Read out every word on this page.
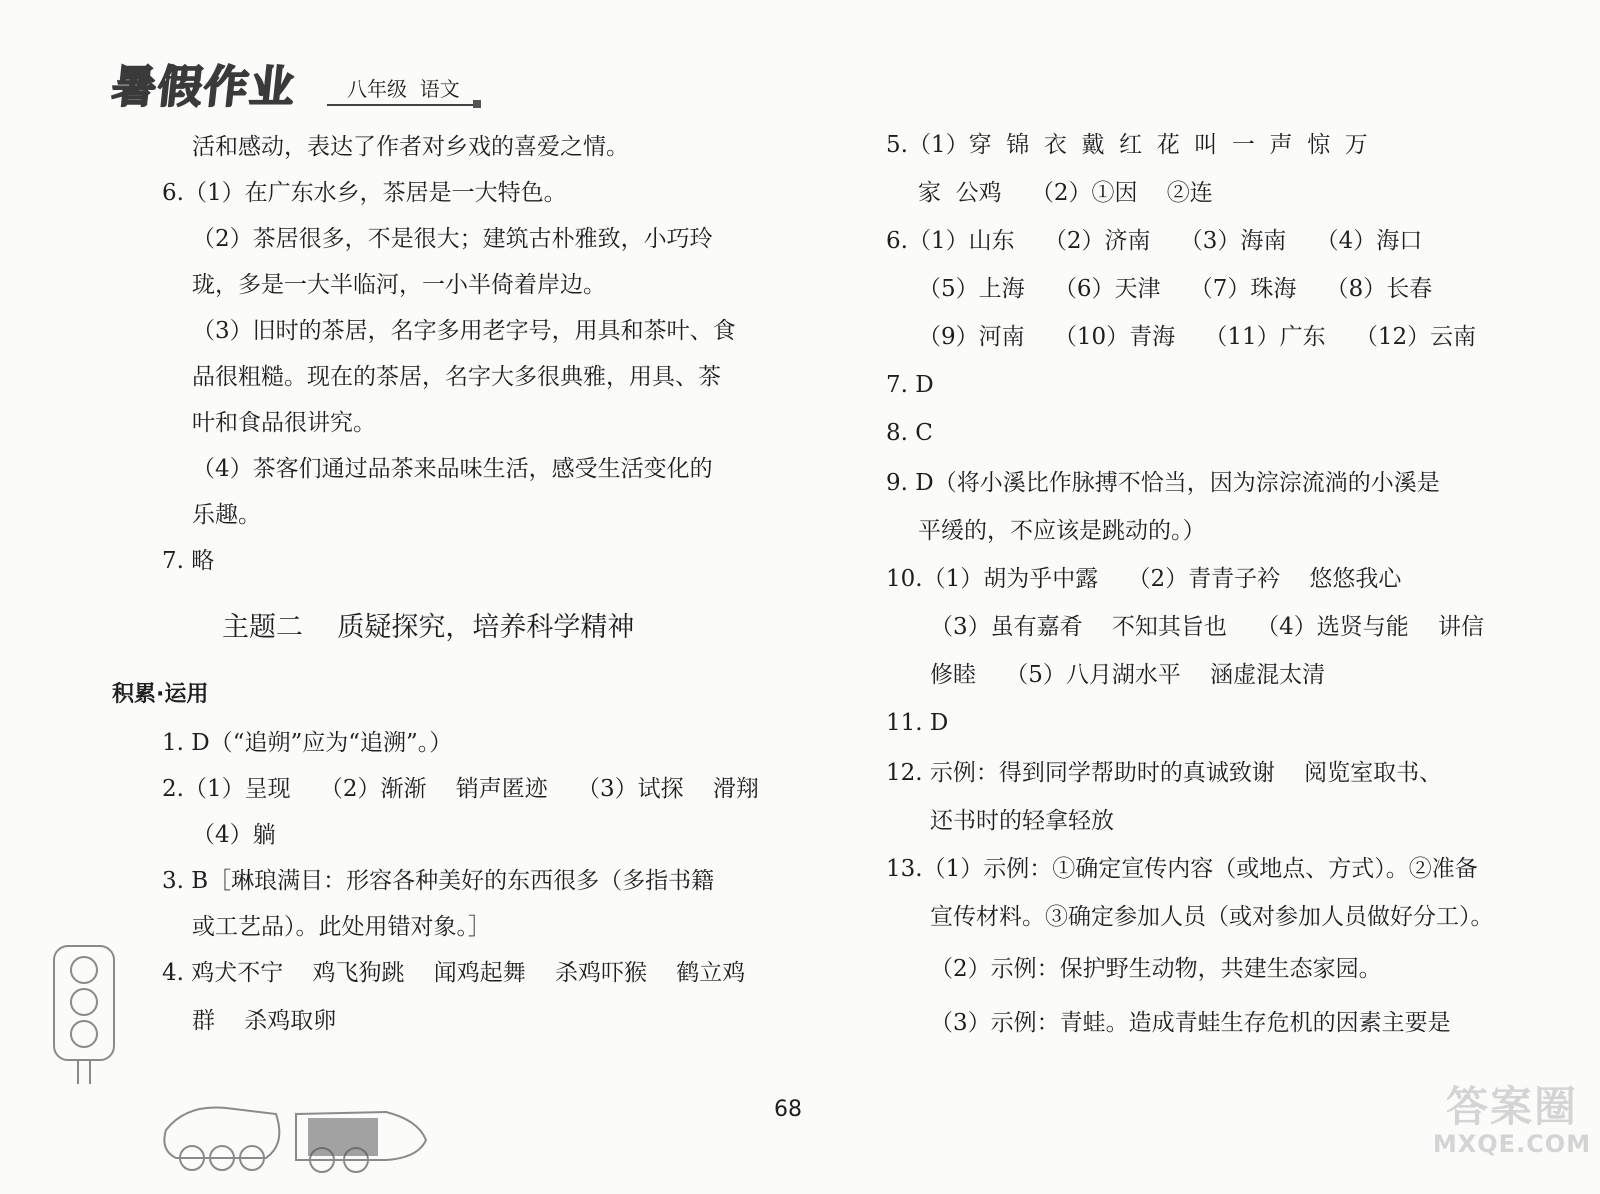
暑假作业	八年级  语文
活和感动，表达了作者对乡戏的喜爱之情。
6.（1）在广东水乡，茶居是一大特色。
（2）茶居很多，不是很大；建筑古朴雅致，小巧玲
珑，多是一大半临河，一小半倚着岸边。
（3）旧时的茶居，名字多用老字号，用具和茶叶、食
品很粗糙。现在的茶居，名字大多很典雅，用具、茶
叶和食品很讲究。
（4）茶客们通过品茶来品味生活，感受生活变化的
乐趣。
7. 略
主题二    质疑探究，培养科学精神
积累·运用
1. D（“追朔”应为“追溯”。）
2.（1）呈现    （2）渐渐    销声匿迹    （3）试探    滑翔
（4）躺
3. B［琳琅满目：形容各种美好的东西很多（多指书籍
或工艺品）。此处用错对象。］
4. 鸡犬不宁    鸡飞狗跳    闻鸡起舞    杀鸡吓猴    鹤立鸡
群    杀鸡取卵
5.（1）穿  锦  衣  戴  红  花  叫  一  声  惊  万
家  公鸡    （2）①因    ②连
6.（1）山东    （2）济南    （3）海南    （4）海口
（5）上海    （6）天津    （7）珠海    （8）长春
（9）河南    （10）青海    （11）广东    （12）云南
7. D
8. C
9. D（将小溪比作脉搏不恰当，因为淙淙流淌的小溪是
平缓的，不应该是跳动的。）
10.（1）胡为乎中露    （2）青青子衿    悠悠我心
（3）虽有嘉肴    不知其旨也    （4）选贤与能    讲信
修睦    （5）八月湖水平    涵虚混太清
11. D
12. 示例：得到同学帮助时的真诚致谢    阅览室取书、
还书时的轻拿轻放
13.（1）示例：①确定宣传内容（或地点、方式）。②准备
宣传材料。③确定参加人员（或对参加人员做好分工）。
（2）示例：保护野生动物，共建生态家园。
（3）示例：青蛙。造成青蛙生存危机的因素主要是
68	答案圈
MXQE.COM
